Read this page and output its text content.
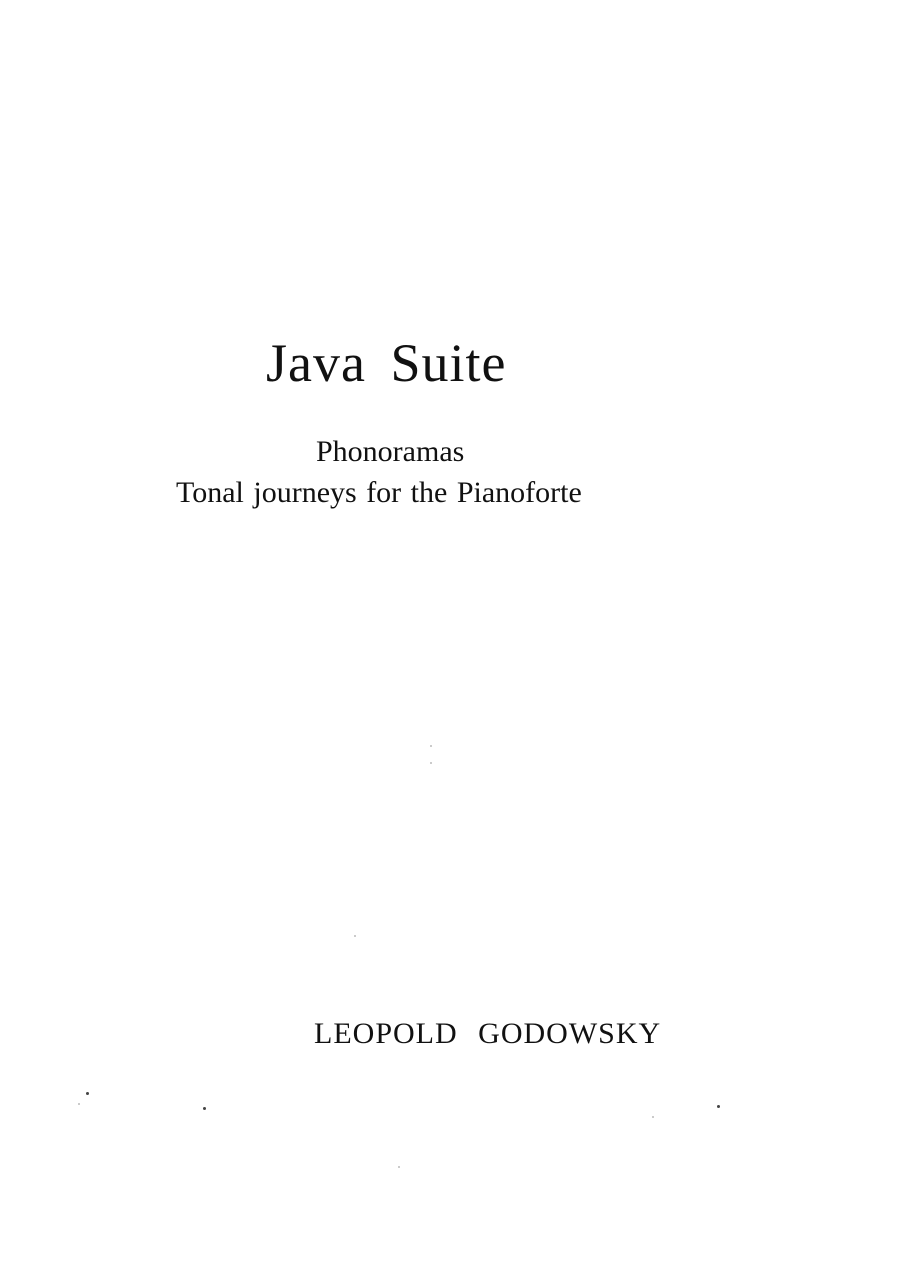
Java Suite
Phonoramas
Tonal journeys for the Pianoforte
LEOPOLD GODOWSKY
